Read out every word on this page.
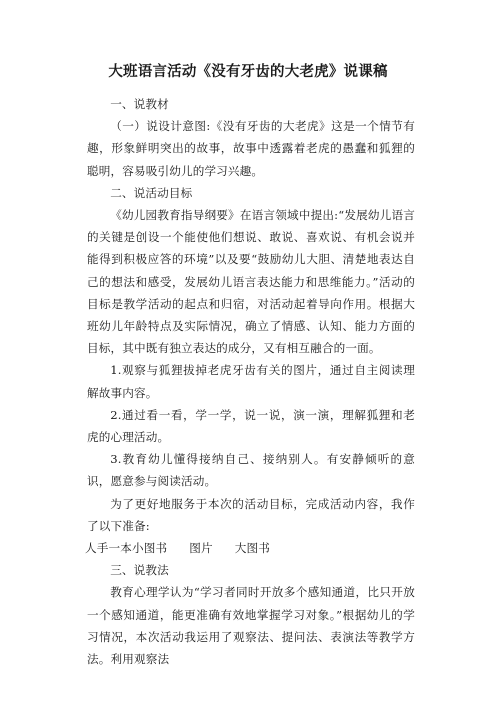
大班语言活动《没有牙齿的大老虎》说课稿

一、说教材

（一）说设计意图:《没有牙齿的大老虎》这是一个情节有趣，形象鲜明突出的故事，故事中透露着老虎的愚蠢和狐狸的聪明，容易吸引幼儿的学习兴趣。

二、说活动目标

《幼儿园教育指导纲要》在语言领域中提出:“发展幼儿语言的关键是创设一个能使他们想说、敢说、喜欢说、有机会说并能得到积极应答的环境”以及要“鼓励幼儿大胆、清楚地表达自己的想法和感受，发展幼儿语言表达能力和思维能力。”活动的目标是教学活动的起点和归宿，对活动起着导向作用。根据大班幼儿年龄特点及实际情况，确立了情感、认知、能力方面的目标，其中既有独立表达的成分，又有相互融合的一面。

1.观察与狐狸拔掉老虎牙齿有关的图片，通过自主阅读理解故事内容。

2.通过看一看，学一学，说一说，演一演，理解狐狸和老虎的心理活动。

3.教育幼儿懂得接纳自己、接纳别人。有安静倾听的意识，愿意参与阅读活动。

为了更好地服务于本次的活动目标，完成活动内容，我作了以下准备:

人手一本小图书 图片 大图书

三、说教法

教育心理学认为“学习者同时开放多个感知通道，比只开放一个感知通道，能更准确有效地掌握学习对象。”根据幼儿的学习情况，本次活动我运用了观察法、提问法、表演法等教学方法。利用观察法
